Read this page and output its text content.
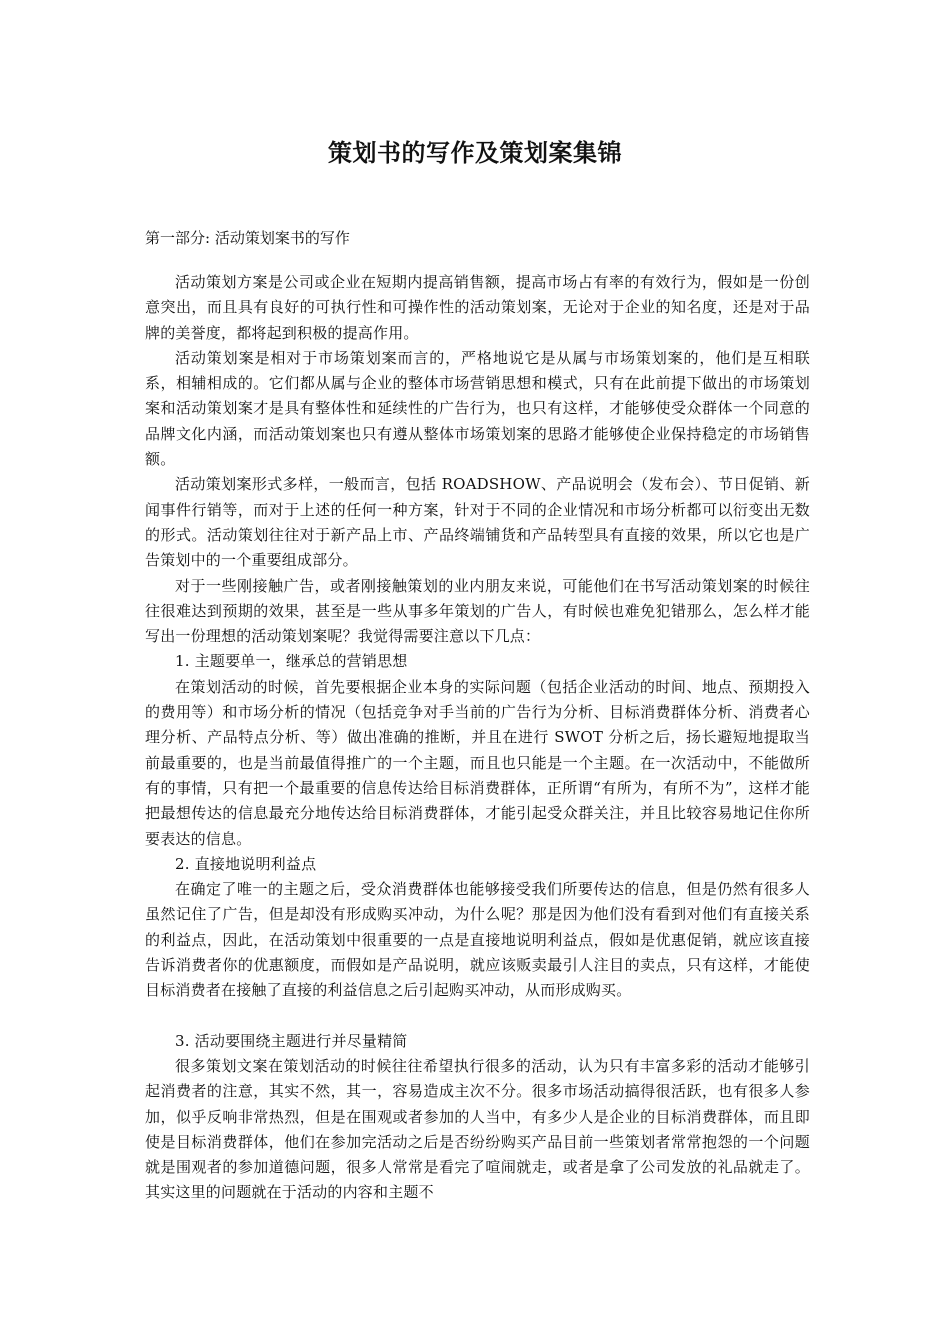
策划书的写作及策划案集锦

第一部分: 活动策划案书的写作

活动策划方案是公司或企业在短期内提高销售额，提高市场占有率的有效行为，假如是一份创意突出，而且具有良好的可执行性和可操作性的活动策划案，无论对于企业的知名度，还是对于品牌的美誉度，都将起到积极的提高作用。

活动策划案是相对于市场策划案而言的，严格地说它是从属与市场策划案的，他们是互相联系，相辅相成的。它们都从属与企业的整体市场营销思想和模式，只有在此前提下做出的市场策划案和活动策划案才是具有整体性和延续性的广告行为，也只有这样，才能够使受众群体一个同意的品牌文化内涵，而活动策划案也只有遵从整体市场策划案的思路才能够使企业保持稳定的市场销售额。

活动策划案形式多样，一般而言，包括 ROADSHOW、产品说明会（发布会）、节日促销、新闻事件行销等，而对于上述的任何一种方案，针对于不同的企业情况和市场分析都可以衍变出无数的形式。活动策划往往对于新产品上市、产品终端铺货和产品转型具有直接的效果，所以它也是广告策划中的一个重要组成部分。

对于一些刚接触广告，或者刚接触策划的业内朋友来说，可能他们在书写活动策划案的时候往往很难达到预期的效果，甚至是一些从事多年策划的广告人，有时候也难免犯错那么，怎么样才能写出一份理想的活动策划案呢？我觉得需要注意以下几点：

1. 主题要单一，继承总的营销思想

在策划活动的时候，首先要根据企业本身的实际问题（包括企业活动的时间、地点、预期投入的费用等）和市场分析的情况（包括竞争对手当前的广告行为分析、目标消费群体分析、消费者心理分析、产品特点分析、等）做出准确的推断，并且在进行 SWOT 分析之后，扬长避短地提取当前最重要的，也是当前最值得推广的一个主题，而且也只能是一个主题。在一次活动中，不能做所有的事情，只有把一个最重要的信息传达给目标消费群体，正所谓“有所为，有所不为”，这样才能把最想传达的信息最充分地传达给目标消费群体，才能引起受众群关注，并且比较容易地记住你所要表达的信息。

2. 直接地说明利益点

在确定了唯一的主题之后，受众消费群体也能够接受我们所要传达的信息，但是仍然有很多人虽然记住了广告，但是却没有形成购买冲动，为什么呢？那是因为他们没有看到对他们有直接关系的利益点，因此，在活动策划中很重要的一点是直接地说明利益点，假如是优惠促销，就应该直接告诉消费者你的优惠额度，而假如是产品说明，就应该贩卖最引人注目的卖点，只有这样，才能使目标消费者在接触了直接的利益信息之后引起购买冲动，从而形成购买。

3. 活动要围绕主题进行并尽量精简

很多策划文案在策划活动的时候往往希望执行很多的活动，认为只有丰富多彩的活动才能够引起消费者的注意，其实不然，其一，容易造成主次不分。很多市场活动搞得很活跃，也有很多人参加，似乎反响非常热烈，但是在围观或者参加的人当中，有多少人是企业的目标消费群体，而且即使是目标消费群体，他们在参加完活动之后是否纷纷购买产品目前一些策划者常常抱怨的一个问题就是围观者的参加道德问题，很多人常常是看完了喧闹就走，或者是拿了公司发放的礼品就走了。其实这里的问题就在于活动的内容和主题不
